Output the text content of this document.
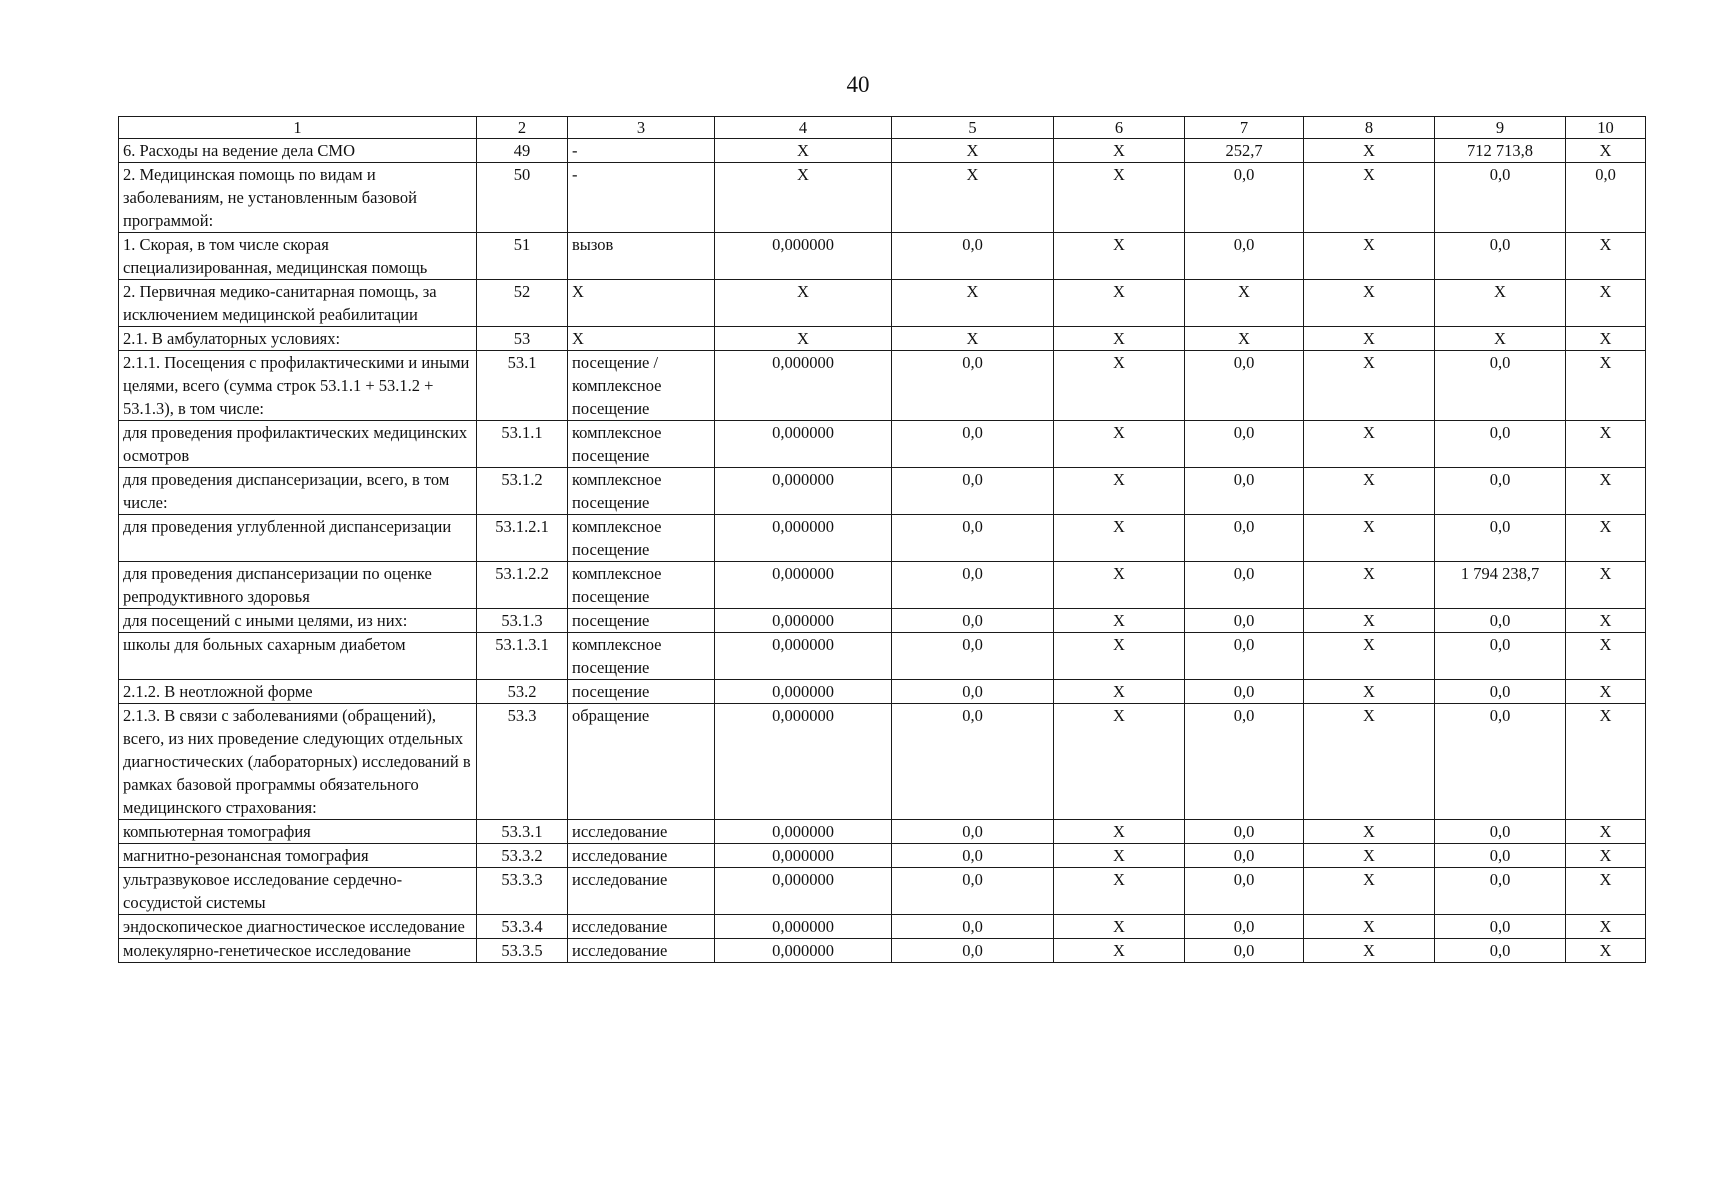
40
1	2	3	4	5	6	7	8	9	10
6. Расходы на ведение дела СМО	49	-	X	X	X	252,7	X	712 713,8	X
2. Медицинская помощь по видам и заболеваниям, не установленным базовой программой:	50	-	X	X	X	0,0	X	0,0	0,0
1. Скорая, в том числе скорая специализированная, медицинская помощь	51	вызов	0,000000	0,0	X	0,0	X	0,0	X
2. Первичная медико-санитарная помощь, за исключением медицинской реабилитации	52	X	X	X	X	X	X	X	X
2.1. В амбулаторных условиях:	53	X	X	X	X	X	X	X	X
2.1.1. Посещения с профилактическими и иными целями, всего (сумма строк 53.1.1 + 53.1.2 + 53.1.3), в том числе:	53.1	посещение / комплексное посещение	0,000000	0,0	X	0,0	X	0,0	X
для проведения профилактических медицинских осмотров	53.1.1	комплексное посещение	0,000000	0,0	X	0,0	X	0,0	X
для проведения диспансеризации, всего, в том числе:	53.1.2	комплексное посещение	0,000000	0,0	X	0,0	X	0,0	X
для проведения углубленной диспансеризации	53.1.2.1	комплексное посещение	0,000000	0,0	X	0,0	X	0,0	X
для проведения диспансеризации по оценке репродуктивного здоровья	53.1.2.2	комплексное посещение	0,000000	0,0	X	0,0	X	1 794 238,7	X
для посещений с иными целями, из них:	53.1.3	посещение	0,000000	0,0	X	0,0	X	0,0	X
школы для больных сахарным диабетом	53.1.3.1	комплексное посещение	0,000000	0,0	X	0,0	X	0,0	X
2.1.2. В неотложной форме	53.2	посещение	0,000000	0,0	X	0,0	X	0,0	X
2.1.3. В связи с заболеваниями (обращений), всего, из них проведение следующих отдельных диагностических (лабораторных) исследований в рамках базовой программы обязательного медицинского страхования:	53.3	обращение	0,000000	0,0	X	0,0	X	0,0	X
компьютерная томография	53.3.1	исследование	0,000000	0,0	X	0,0	X	0,0	X
магнитно-резонансная томография	53.3.2	исследование	0,000000	0,0	X	0,0	X	0,0	X
ультразвуковое исследование сердечно-сосудистой системы	53.3.3	исследование	0,000000	0,0	X	0,0	X	0,0	X
эндоскопическое диагностическое исследование	53.3.4	исследование	0,000000	0,0	X	0,0	X	0,0	X
молекулярно-генетическое исследование	53.3.5	исследование	0,000000	0,0	X	0,0	X	0,0	X
